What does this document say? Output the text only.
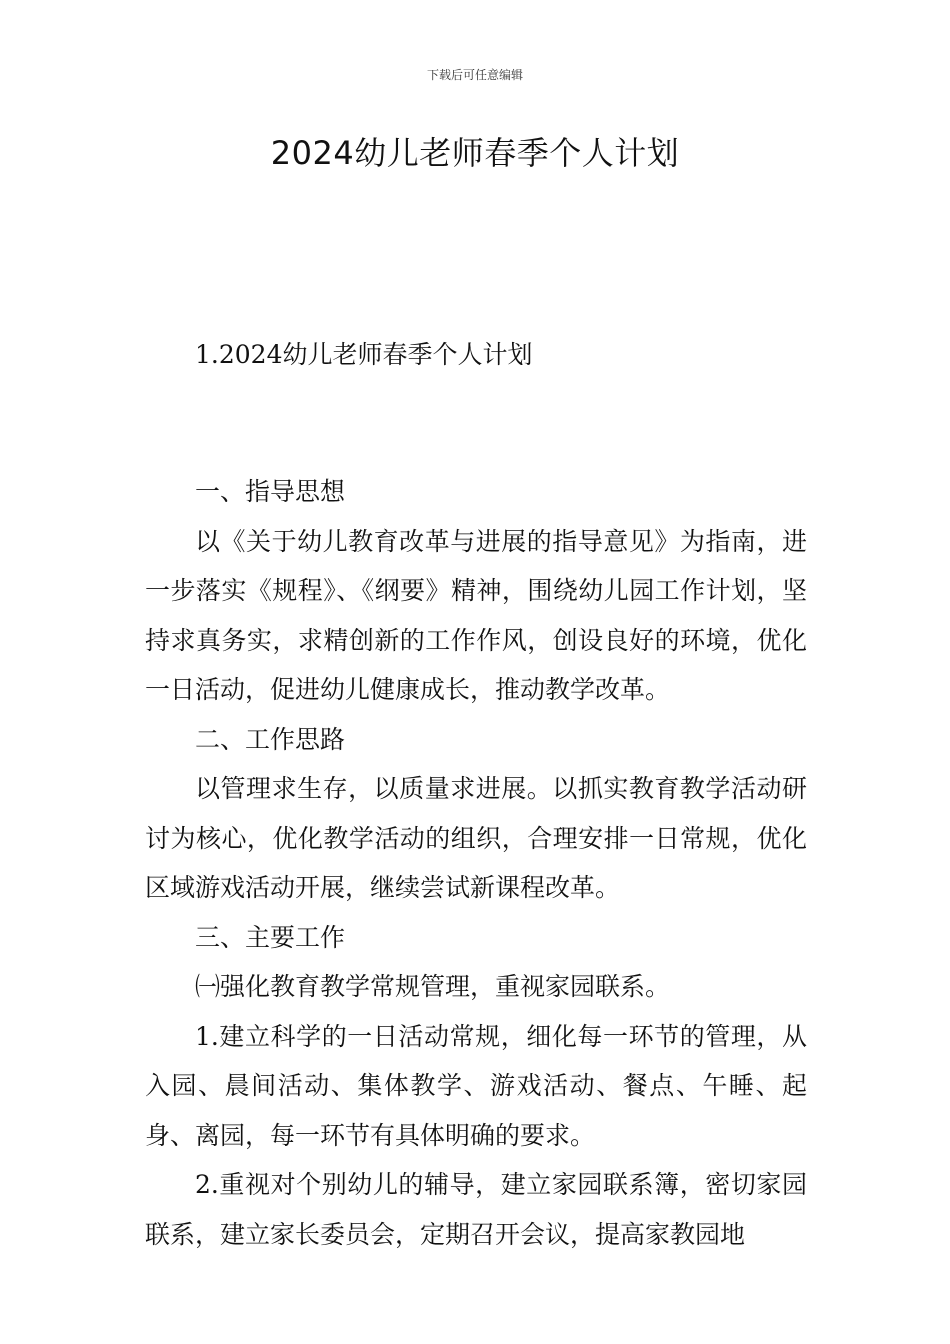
下载后可任意编辑
2024幼儿老师春季个人计划

1.2024幼儿老师春季个人计划

一、指导思想

以《关于幼儿教育改革与进展的指导意见》为指南，进一步落实《规程》、《纲要》精神，围绕幼儿园工作计划，坚持求真务实，求精创新的工作作风，创设良好的环境，优化一日活动，促进幼儿健康成长，推动教学改革。

二、工作思路

以管理求生存，以质量求进展。以抓实教育教学活动研讨为核心，优化教学活动的组织，合理安排一日常规，优化区域游戏活动开展，继续尝试新课程改革。

三、主要工作

㈠强化教育教学常规管理，重视家园联系。

1.建立科学的一日活动常规，细化每一环节的管理，从入园、晨间活动、集体教学、游戏活动、餐点、午睡、起身、离园，每一环节有具体明确的要求。

2.重视对个别幼儿的辅导，建立家园联系簿，密切家园联系，建立家长委员会，定期召开会议，提高家教园地
